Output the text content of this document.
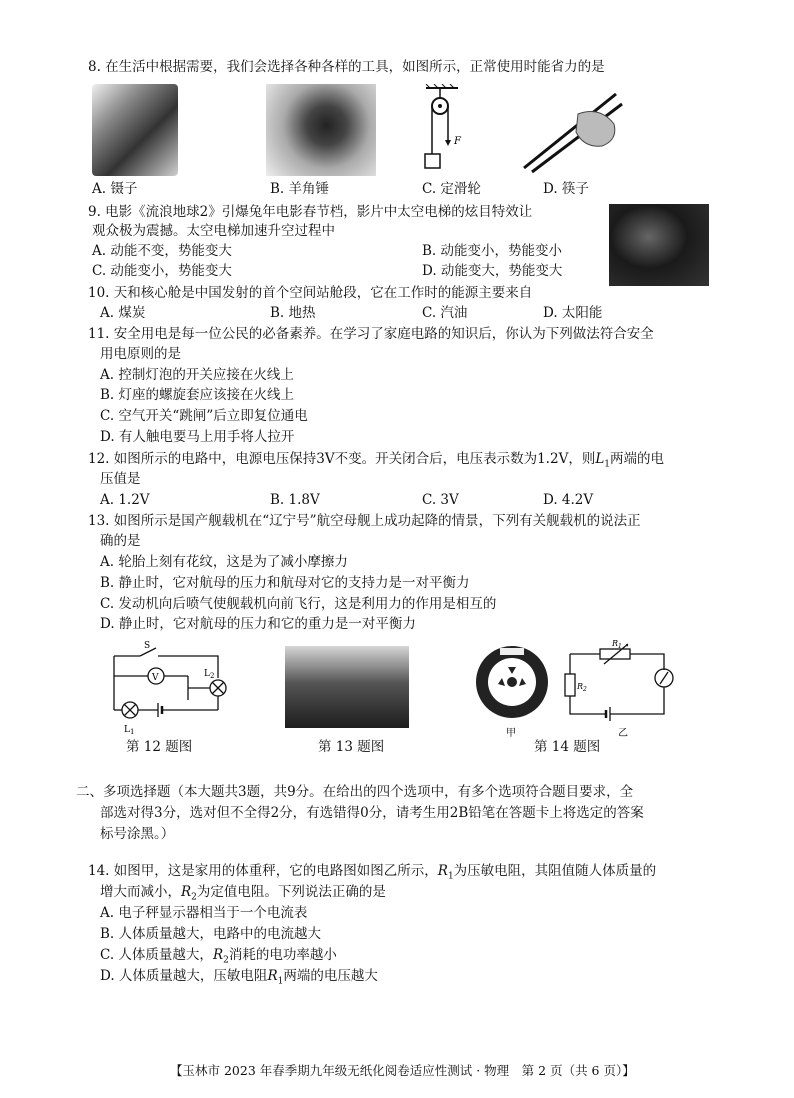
8. 在生活中根据需要，我们会选择各种各样的工具，如图所示，正常使用时能省力的是
F
A. 镊子	B. 羊角锤	C. 定滑轮	D. 筷子
9. 电影《流浪地球2》引爆兔年电影春节档，影片中太空电梯的炫目特效让
观众极为震撼。太空电梯加速升空过程中
A. 动能不变，势能变大	B. 动能变小，势能变小
C. 动能变小，势能变大	D. 动能变大，势能变大
10. 天和核心舱是中国发射的首个空间站舱段，它在工作时的能源主要来自
A. 煤炭	B. 地热	C. 汽油	D. 太阳能
11. 安全用电是每一位公民的必备素养。在学习了家庭电路的知识后，你认为下列做法符合安全
用电原则的是
A. 控制灯泡的开关应接在火线上
B. 灯座的螺旋套应该接在火线上
C. 空气开关“跳闸”后立即复位通电
D. 有人触电要马上用手将人拉开
12. 如图所示的电路中，电源电压保持3V不变。开关闭合后，电压表示数为1.2V，则$L_1$两端的电
压值是
A. 1.2V	B. 1.8V	C. 3V	D. 4.2V
13. 如图所示是国产舰载机在“辽宁号”航空母舰上成功起降的情景，下列有关舰载机的说法正
确的是
A. 轮胎上刻有花纹，这是为了减小摩擦力
B. 静止时，它对航母的压力和航母对它的支持力是一对平衡力
C. 发动机向后喷气使舰载机向前飞行，这是利用力的作用是相互的
D. 静止时，它对航母的压力和它的重力是一对平衡力
S
V	$L_2$
$L_1$
第 12 题图	第 13 题图
甲
$R_1$
$R_2$
乙
第 14 题图
二、多项选择题（本大题共3题，共9分。在给出的四个选项中，有多个选项符合题目要求，全
部选对得3分，选对但不全得2分，有选错得0分，请考生用2B铅笔在答题卡上将选定的答案
标号涂黑。）
14. 如图甲，这是家用的体重秤，它的电路图如图乙所示，$R_1$为压敏电阻，其阻值随人体质量的
增大而减小，$R_2$为定值电阻。下列说法正确的是
A. 电子秤显示器相当于一个电流表
B. 人体质量越大，电路中的电流越大
C. 人体质量越大，$R_2$消耗的电功率越小
D. 人体质量越大，压敏电阻$R_1$两端的电压越大
【玉林市 2023 年春季期九年级无纸化阅卷适应性测试 · 物理　第 2 页（共 6 页）】
